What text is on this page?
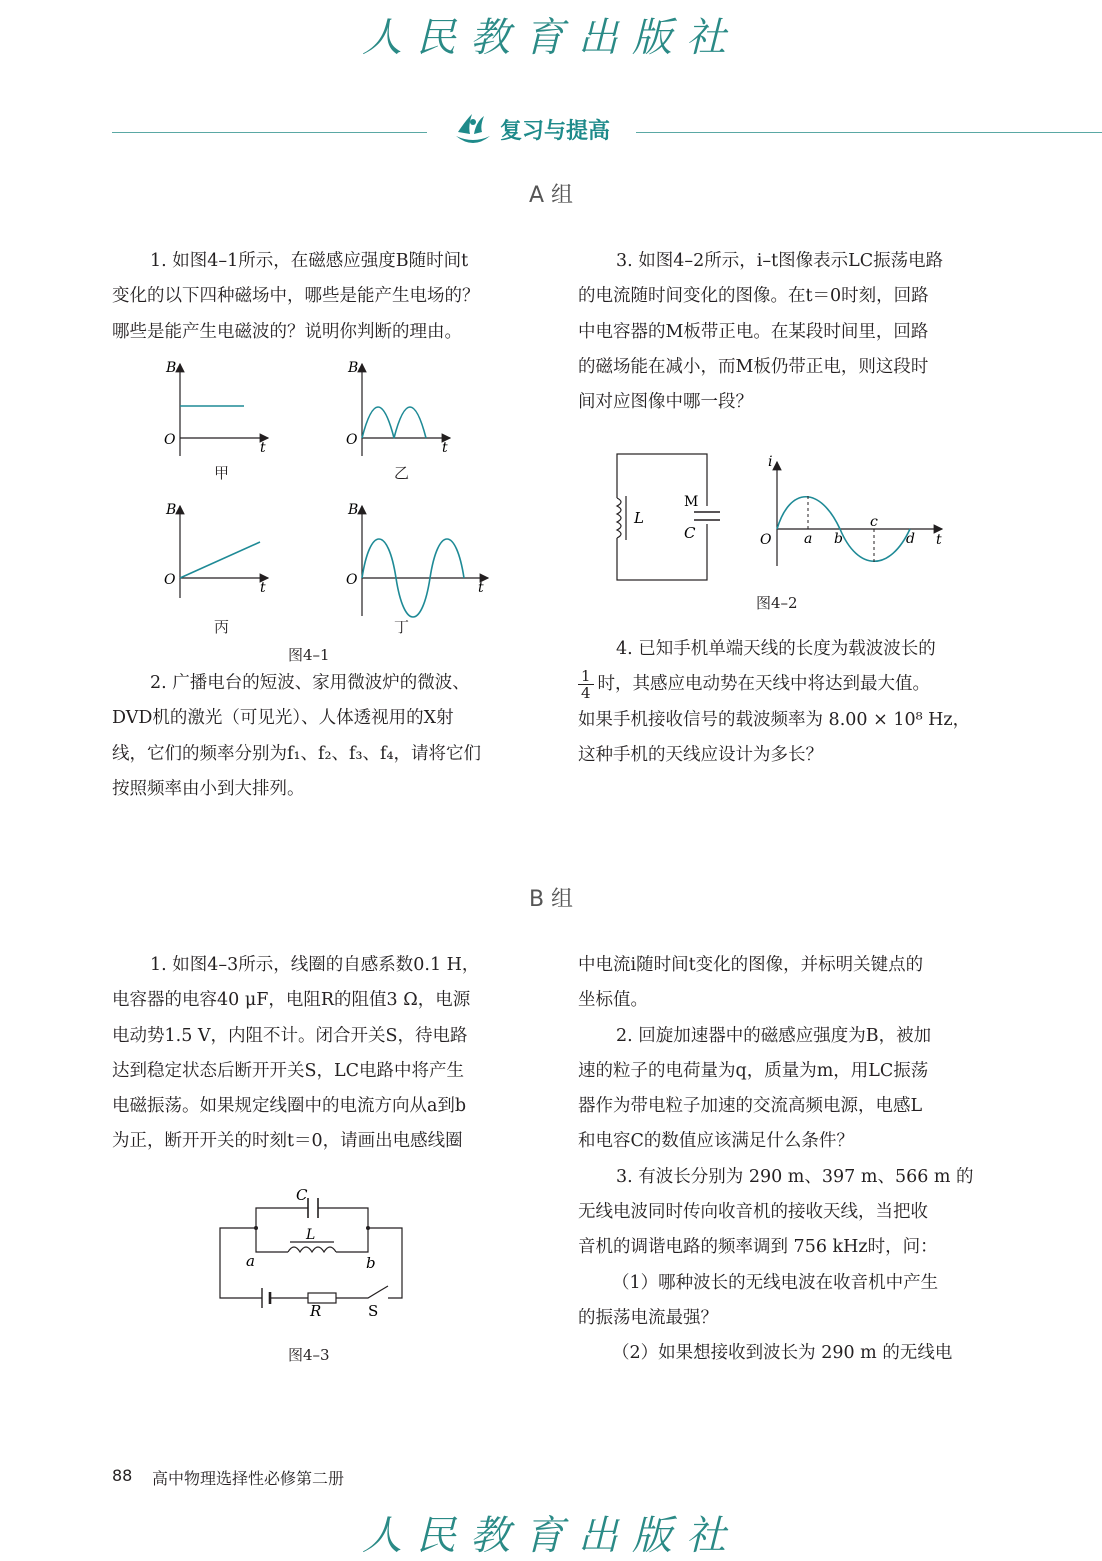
人民教育出版社
复习与提高
A 组

1. 如图4–1所示，在磁感应强度B随时间t

变化的以下四种磁场中，哪些是能产生电场的？

哪些是能产生电磁波的？说明你判断的理由。

B
O	t
B
O	t
B
O	t
B
O	t
甲	乙
丙	丁
图4–1

2. 广播电台的短波、家用微波炉的微波、

DVD机的激光（可见光）、人体透视用的X射

线，它们的频率分别为f₁、f₂、f₃、f₄，请将它们

按照频率由小到大排列。

3. 如图4–2所示，i–t图像表示LC振荡电路

的电流随时间变化的图像。在t＝0时刻，回路

中电容器的M板带正电。在某段时间里，回路

的磁场能在减小，而M板仍带正电，则这段时

间对应图像中哪一段？

L
M
C
i
O	t
a b
c
d
图4–2

4. 已知手机单端天线的长度为载波波长的

$\frac{1}{4}$ 时，其感应电动势在天线中将达到最大值。

如果手机接收信号的载波频率为 8.00 × 10⁸ Hz，

这种手机的天线应设计为多长？

B 组

1. 如图4–3所示，线圈的自感系数0.1 H，

电容器的电容40 μF，电阻R的阻值3 Ω，电源

电动势1.5 V，内阻不计。闭合开关S，待电路

达到稳定状态后断开开关S，LC电路中将产生

电磁振荡。如果规定线圈中的电流方向从a到b

为正，断开开关的时刻t＝0，请画出电感线圈

C
L
a	b
R	S
图4–3

中电流i随时间t变化的图像，并标明关键点的

坐标值。

2. 回旋加速器中的磁感应强度为B，被加

速的粒子的电荷量为q，质量为m，用LC振荡

器作为带电粒子加速的交流高频电源，电感L

和电容C的数值应该满足什么条件？

3. 有波长分别为 290 m、397 m、566 m 的

无线电波同时传向收音机的接收天线，当把收

音机的调谐电路的频率调到 756 kHz时，问：

（1）哪种波长的无线电波在收音机中产生

的振荡电流最强？

（2）如果想接收到波长为 290 m 的无线电

88 高中物理选择性必修第二册
人民教育出版社
